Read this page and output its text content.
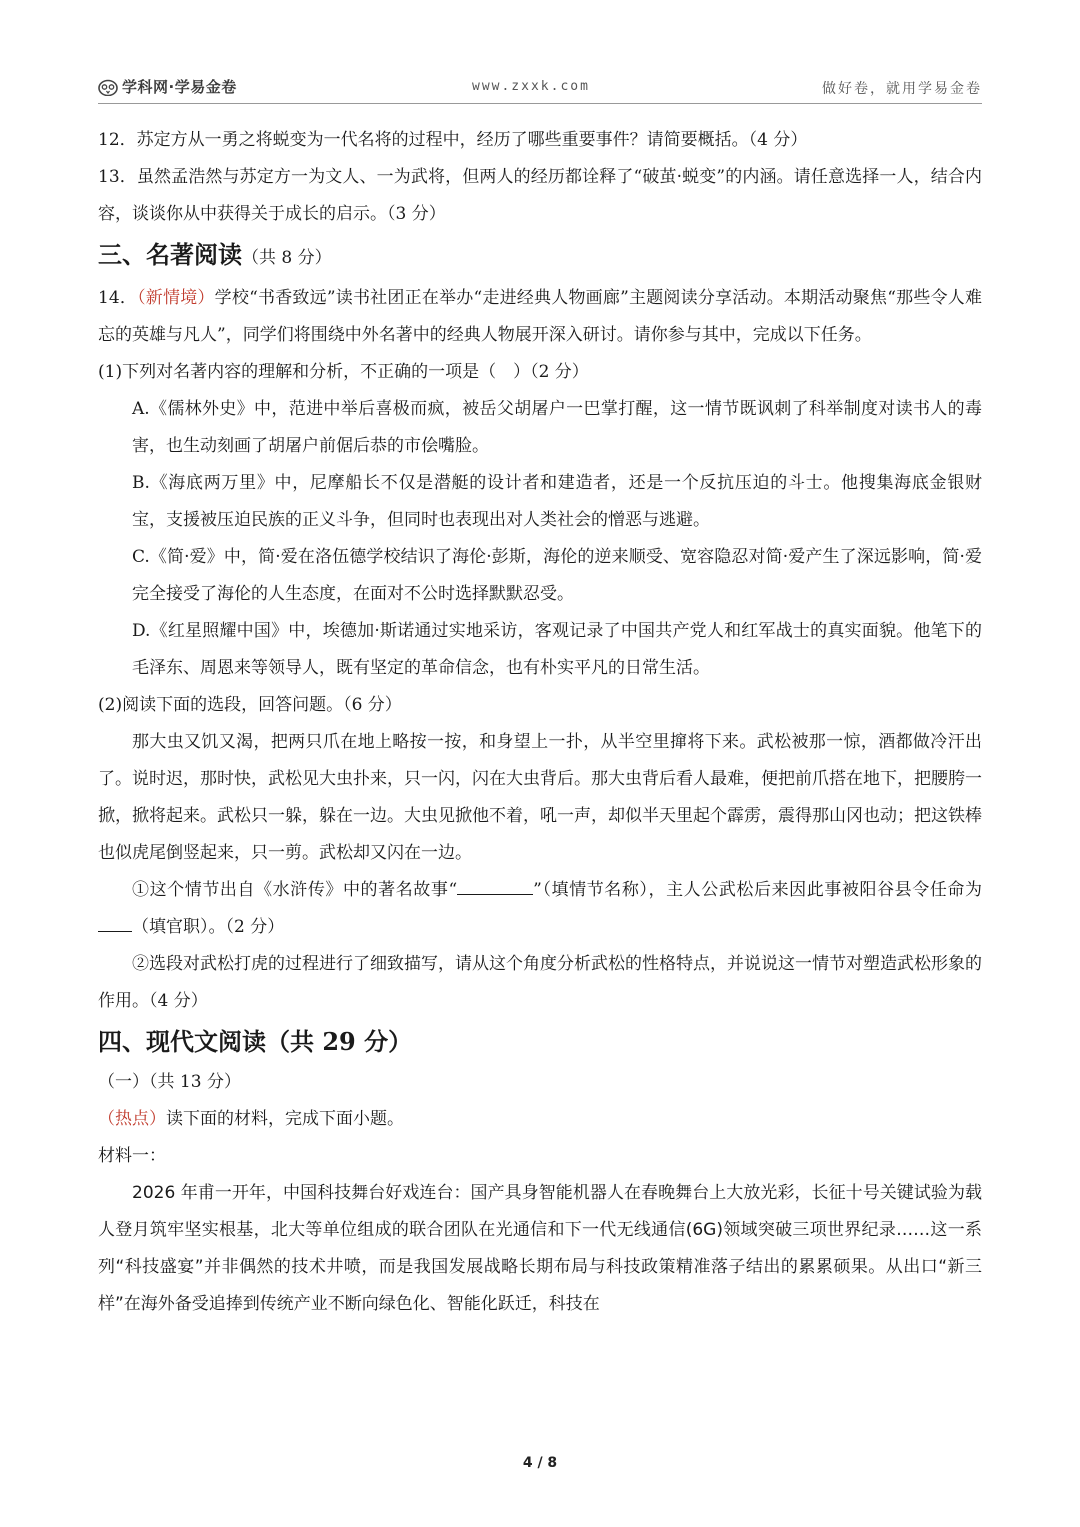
学科网·学易金卷	www.zxxk.com	做好卷，就用学易金卷

12．苏定方从一勇之将蜕变为一代名将的过程中，经历了哪些重要事件？请简要概括。（4 分）

13．虽然孟浩然与苏定方一为文人、一为武将，但两人的经历都诠释了“破茧·蜕变”的内涵。请任意选择一人，结合内容，谈谈你从中获得关于成长的启示。（3 分）

三、名著阅读（共 8 分）

14．（新情境）学校“书香致远”读书社团正在举办“走进经典人物画廊”主题阅读分享活动。本期活动聚焦“那些令人难忘的英雄与凡人”，同学们将围绕中外名著中的经典人物展开深入研讨。请你参与其中，完成以下任务。

(1)下列对名著内容的理解和分析，不正确的一项是（　）（2 分）

A.《儒林外史》中，范进中举后喜极而疯，被岳父胡屠户一巴掌打醒，这一情节既讽刺了科举制度对读书人的毒害，也生动刻画了胡屠户前倨后恭的市侩嘴脸。

B.《海底两万里》中，尼摩船长不仅是潜艇的设计者和建造者，还是一个反抗压迫的斗士。他搜集海底金银财宝，支援被压迫民族的正义斗争，但同时也表现出对人类社会的憎恶与逃避。

C.《简·爱》中，简·爱在洛伍德学校结识了海伦·彭斯，海伦的逆来顺受、宽容隐忍对简·爱产生了深远影响，简·爱完全接受了海伦的人生态度，在面对不公时选择默默忍受。

D.《红星照耀中国》中，埃德加·斯诺通过实地采访，客观记录了中国共产党人和红军战士的真实面貌。他笔下的毛泽东、周恩来等领导人，既有坚定的革命信念，也有朴实平凡的日常生活。

(2)阅读下面的选段，回答问题。（6 分）

那大虫又饥又渴，把两只爪在地上略按一按，和身望上一扑，从半空里撺将下来。武松被那一惊，酒都做冷汗出了。说时迟，那时快，武松见大虫扑来，只一闪，闪在大虫背后。那大虫背后看人最难，便把前爪搭在地下，把腰胯一掀，掀将起来。武松只一躲，躲在一边。大虫见掀他不着，吼一声，却似半天里起个霹雳，震得那山冈也动；把这铁棒也似虎尾倒竖起来，只一剪。武松却又闪在一边。

①这个情节出自《水浒传》中的著名故事“	”（填情节名称），主人公武松后来因此事被阳谷县令任命为（填官职）。（2 分）

②选段对武松打虎的过程进行了细致描写，请从这个角度分析武松的性格特点，并说说这一情节对塑造武松形象的作用。（4 分）

四、现代文阅读（共 29 分）

（一）（共 13 分）

（热点）读下面的材料，完成下面小题。

材料一：

2026 年甫一开年，中国科技舞台好戏连台：国产具身智能机器人在春晚舞台上大放光彩，长征十号关键试验为载人登月筑牢坚实根基，北大等单位组成的联合团队在光通信和下一代无线通信(6G)领域突破三项世界纪录……这一系列“科技盛宴”并非偶然的技术井喷，而是我国发展战略长期布局与科技政策精准落子结出的累累硕果。从出口“新三样”在海外备受追捧到传统产业不断向绿色化、智能化跃迁，科技在

4 / 8
